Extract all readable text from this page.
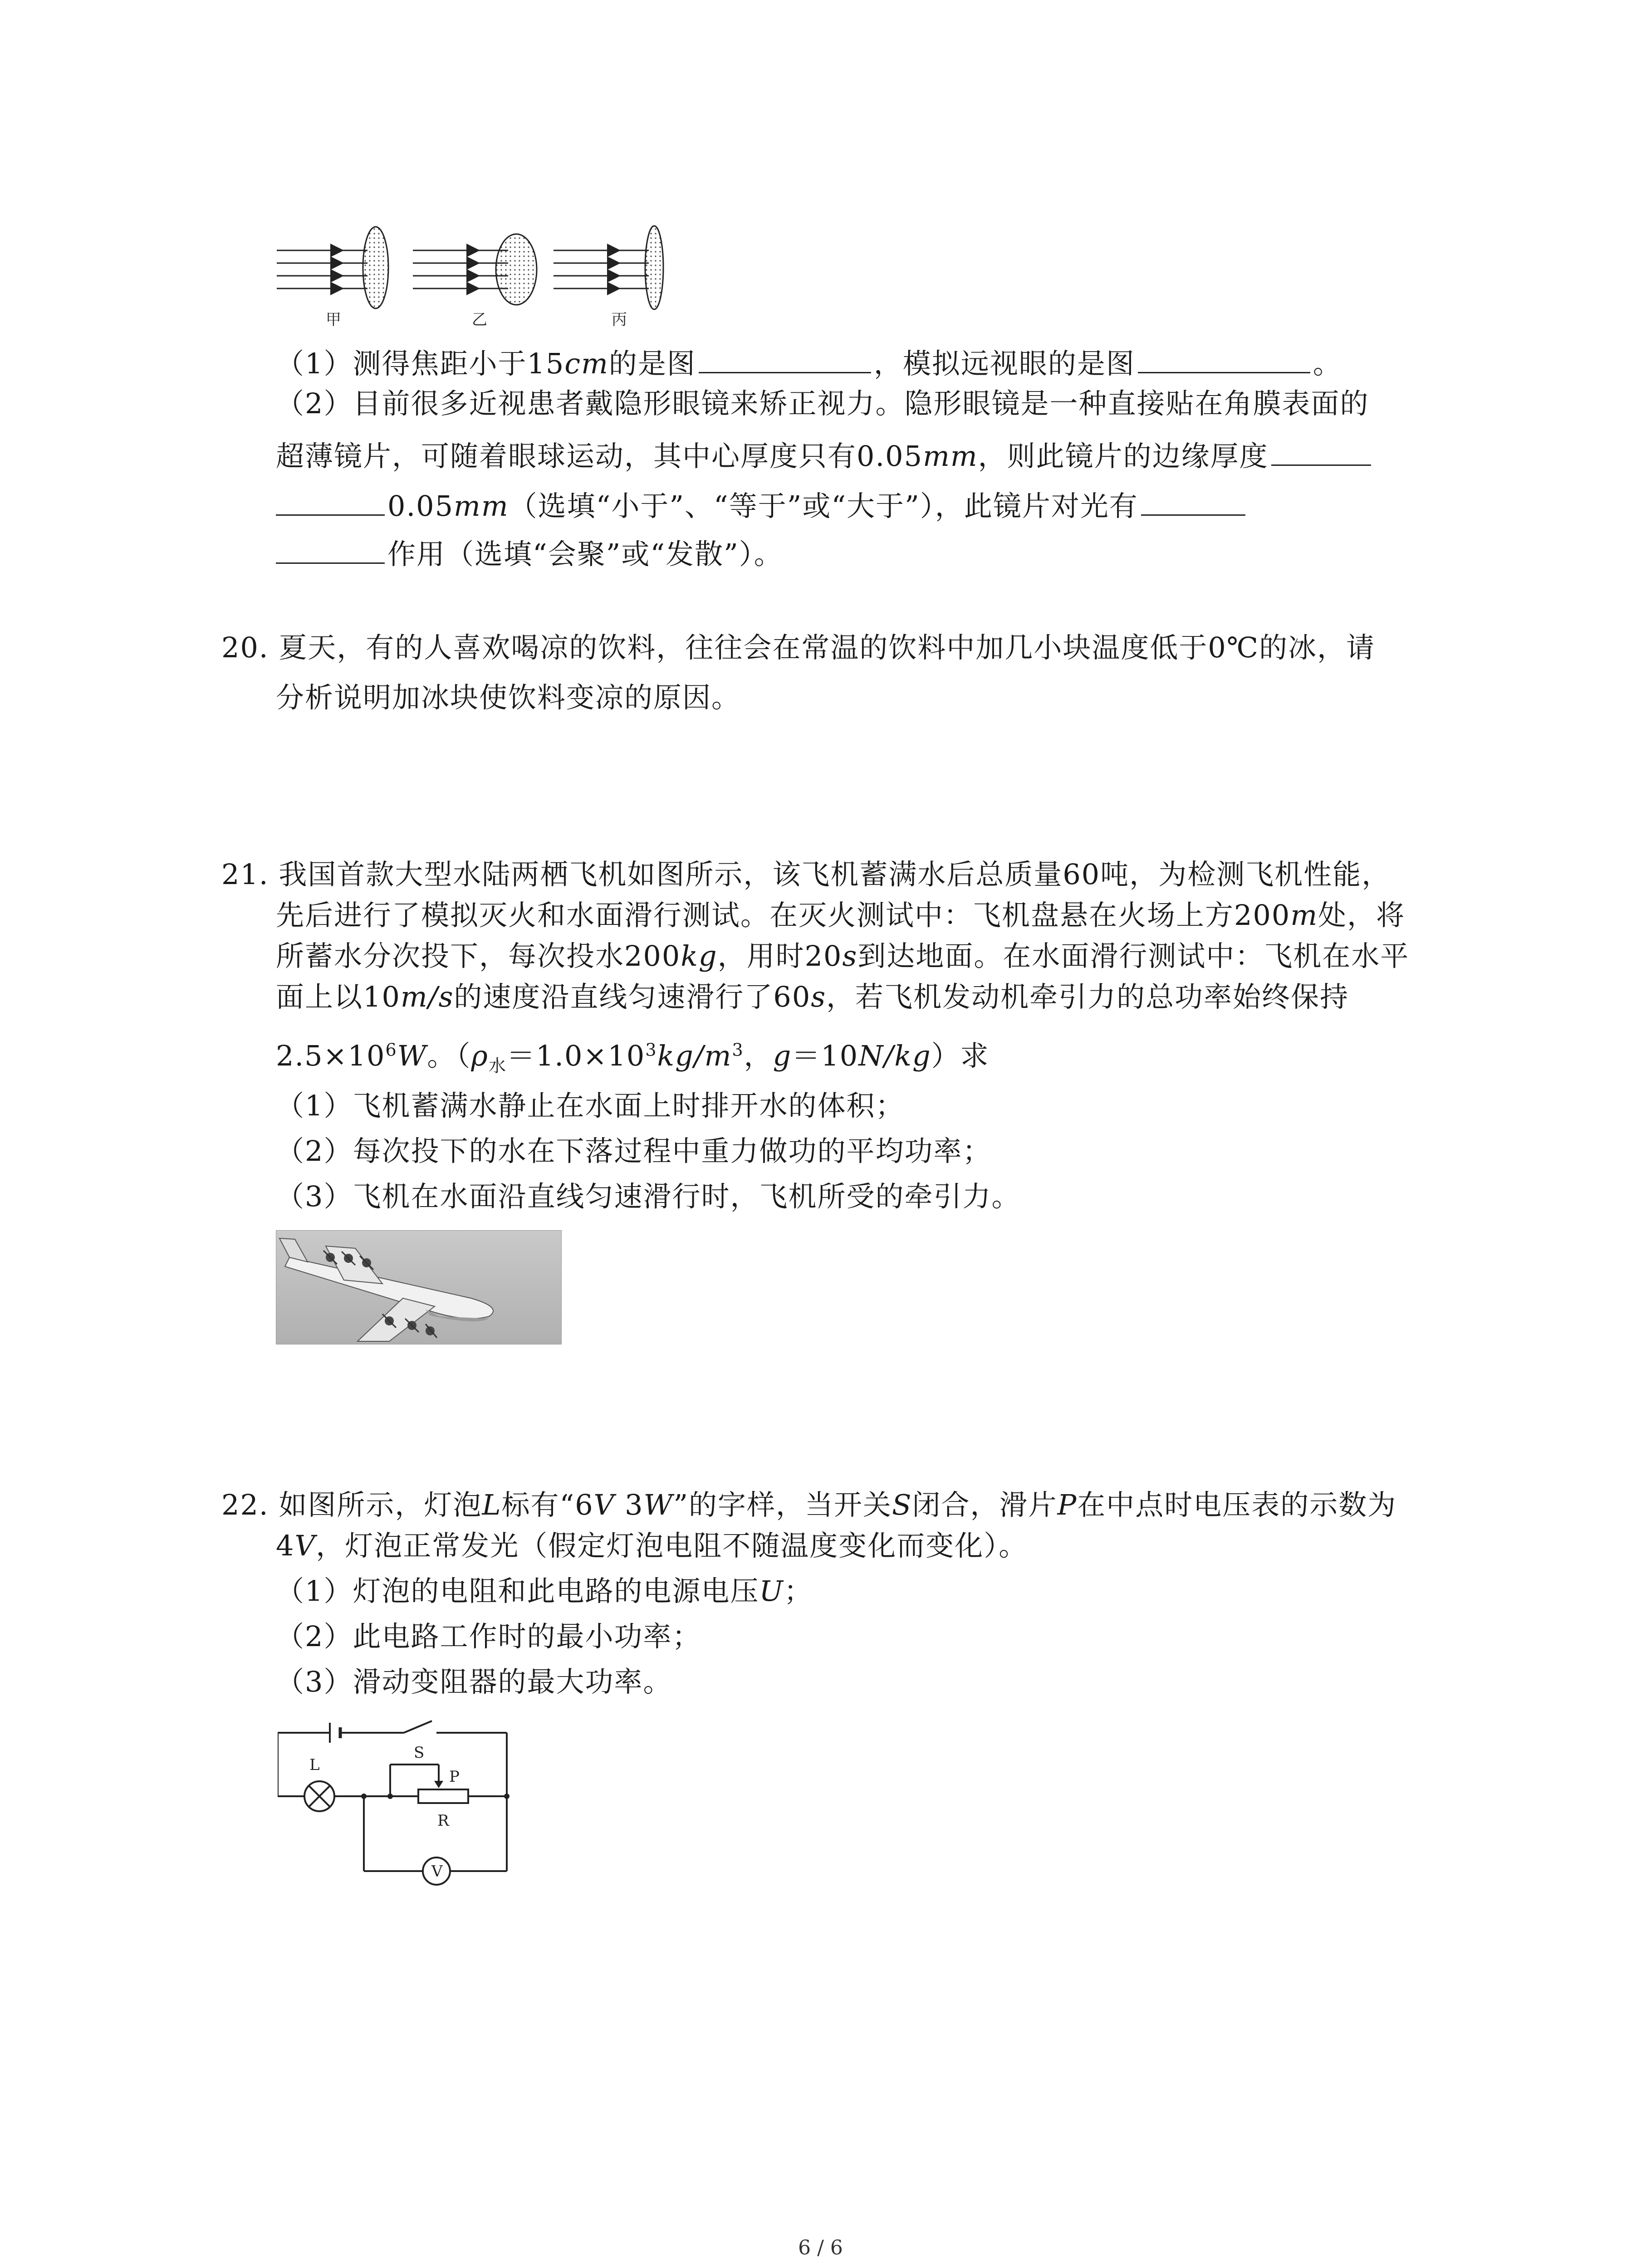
甲	乙	丙
（1）测得焦距小于15cm的是图	，模拟远视眼的是图	。
（2）目前很多近视患者戴隐形眼镜来矫正视力。隐形眼镜是一种直接贴在角膜表面的
超薄镜片，可随着眼球运动，其中心厚度只有0.05mm，则此镜片的边缘厚度
0.05mm（选填“小于”、“等于”或“大于”），此镜片对光有
作用（选填“会聚”或“发散”）。
20. 夏天，有的人喜欢喝凉的饮料，往往会在常温的饮料中加几小块温度低于0℃的冰，请
分析说明加冰块使饮料变凉的原因。
21. 我国首款大型水陆两栖飞机如图所示，该飞机蓄满水后总质量60吨，为检测飞机性能，
先后进行了模拟灭火和水面滑行测试。在灭火测试中：飞机盘悬在火场上方200m处，将
所蓄水分次投下，每次投水200kg，用时20s到达地面。在水面滑行测试中：飞机在水平
面上以10m/s的速度沿直线匀速滑行了60s，若飞机发动机牵引力的总功率始终保持
$2.5\times 10^6W$。（$\rho_水=1.0\times 10^3kg/m^3$，g＝10N/kg）求
（1）飞机蓄满水静止在水面上时排开水的体积；
（2）每次投下的水在下落过程中重力做功的平均功率；
（3）飞机在水面沿直线匀速滑行时，飞机所受的牵引力。
22. 如图所示，灯泡L标有“6V 3W”的字样，当开关S闭合，滑片P在中点时电压表的示数为
4V，灯泡正常发光（假定灯泡电阻不随温度变化而变化）。
（1）灯泡的电阻和此电路的电源电压U；
（2）此电路工作时的最小功率；
（3）滑动变阻器的最大功率。
S
L
P
R
V
6 / 6
